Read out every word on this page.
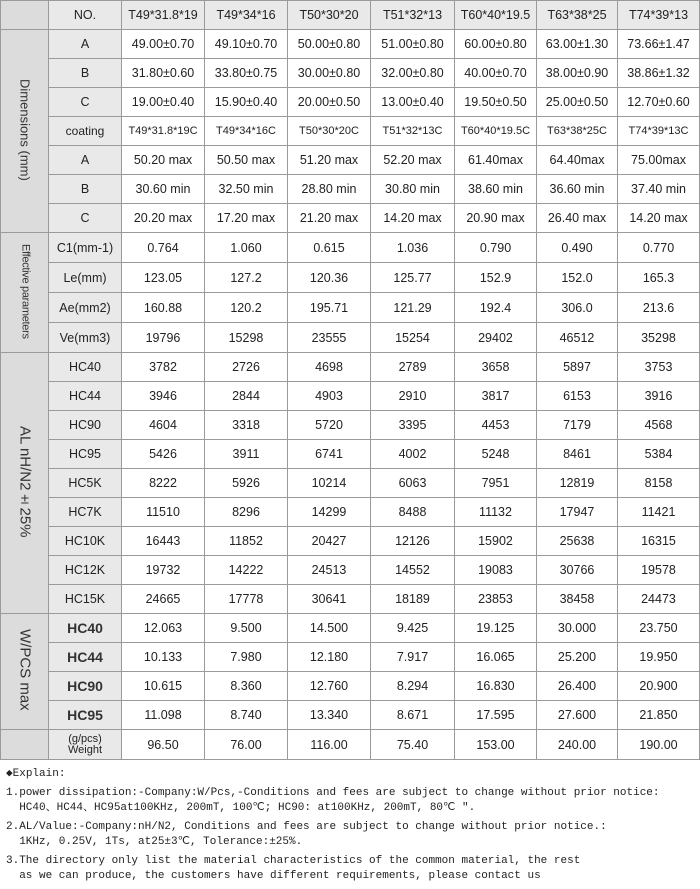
	NO.	T49*31.8*19	T49*34*16	T50*30*20	T51*32*13	T60*40*19.5	T63*38*25	T74*39*13
Dimensions (mm)	A	49.00±0.70	49.10±0.70	50.00±0.80	51.00±0.80	60.00±0.80	63.00±1.30	73.66±1.47
	B	31.80±0.60	33.80±0.75	30.00±0.80	32.00±0.80	40.00±0.70	38.00±0.90	38.86±1.32
	C	19.00±0.40	15.90±0.40	20.00±0.50	13.00±0.40	19.50±0.50	25.00±0.50	12.70±0.60
	coating	T49*31.8*19C	T49*34*16C	T50*30*20C	T51*32*13C	T60*40*19.5C	T63*38*25C	T74*39*13C
	A	50.20 max	50.50 max	51.20 max	52.20 max	61.40max	64.40max	75.00max
	B	30.60 min	32.50 min	28.80 min	30.80 min	38.60 min	36.60 min	37.40 min
	C	20.20 max	17.20 max	21.20 max	14.20 max	20.90 max	26.40 max	14.20 max
Effective parameters	C1(mm-1)	0.764	1.060	0.615	1.036	0.790	0.490	0.770
	Le(mm)	123.05	127.2	120.36	125.77	152.9	152.0	165.3
	Ae(mm2)	160.88	120.2	195.71	121.29	192.4	306.0	213.6
	Ve(mm3)	19796	15298	23555	15254	29402	46512	35298
AL nH/N2±25%	HC40	3782	2726	4698	2789	3658	5897	3753
	HC44	3946	2844	4903	2910	3817	6153	3916
	HC90	4604	3318	5720	3395	4453	7179	4568
	HC95	5426	3911	6741	4002	5248	8461	5384
	HC5K	8222	5926	10214	6063	7951	12819	8158
	HC7K	11510	8296	14299	8488	11132	17947	11421
	HC10K	16443	11852	20427	12126	15902	25638	16315
	HC12K	19732	14222	24513	14552	19083	30766	19578
	HC15K	24665	17778	30641	18189	23853	38458	24473
W/PCS max	HC40	12.063	9.500	14.500	9.425	19.125	30.000	23.750
	HC44	10.133	7.980	12.180	7.917	16.065	25.200	19.950
	HC90	10.615	8.360	12.760	8.294	16.830	26.400	20.900
	HC95	11.098	8.740	13.340	8.671	17.595	27.600	21.850

	(g/pcs)
Weight	96.50	76.00	116.00	75.40	153.00	240.00	190.00
◆Explain:
1.power dissipation:-Company:W/Pcs,-Conditions and fees are subject to change without prior notice:
HC40、HC44、HC95at100KHz, 200mT, 100℃; HC90: at100KHz, 200mT, 80℃ ".
2.AL/Value:-Company:nH/N2, Conditions and fees are subject to change without prior notice.:
1KHz, 0.25V, 1Ts, at25±3℃, Tolerance:±25%.
3.The directory only list the material characteristics of the common material, the rest
as we can produce, the customers have different requirements, please contact us
